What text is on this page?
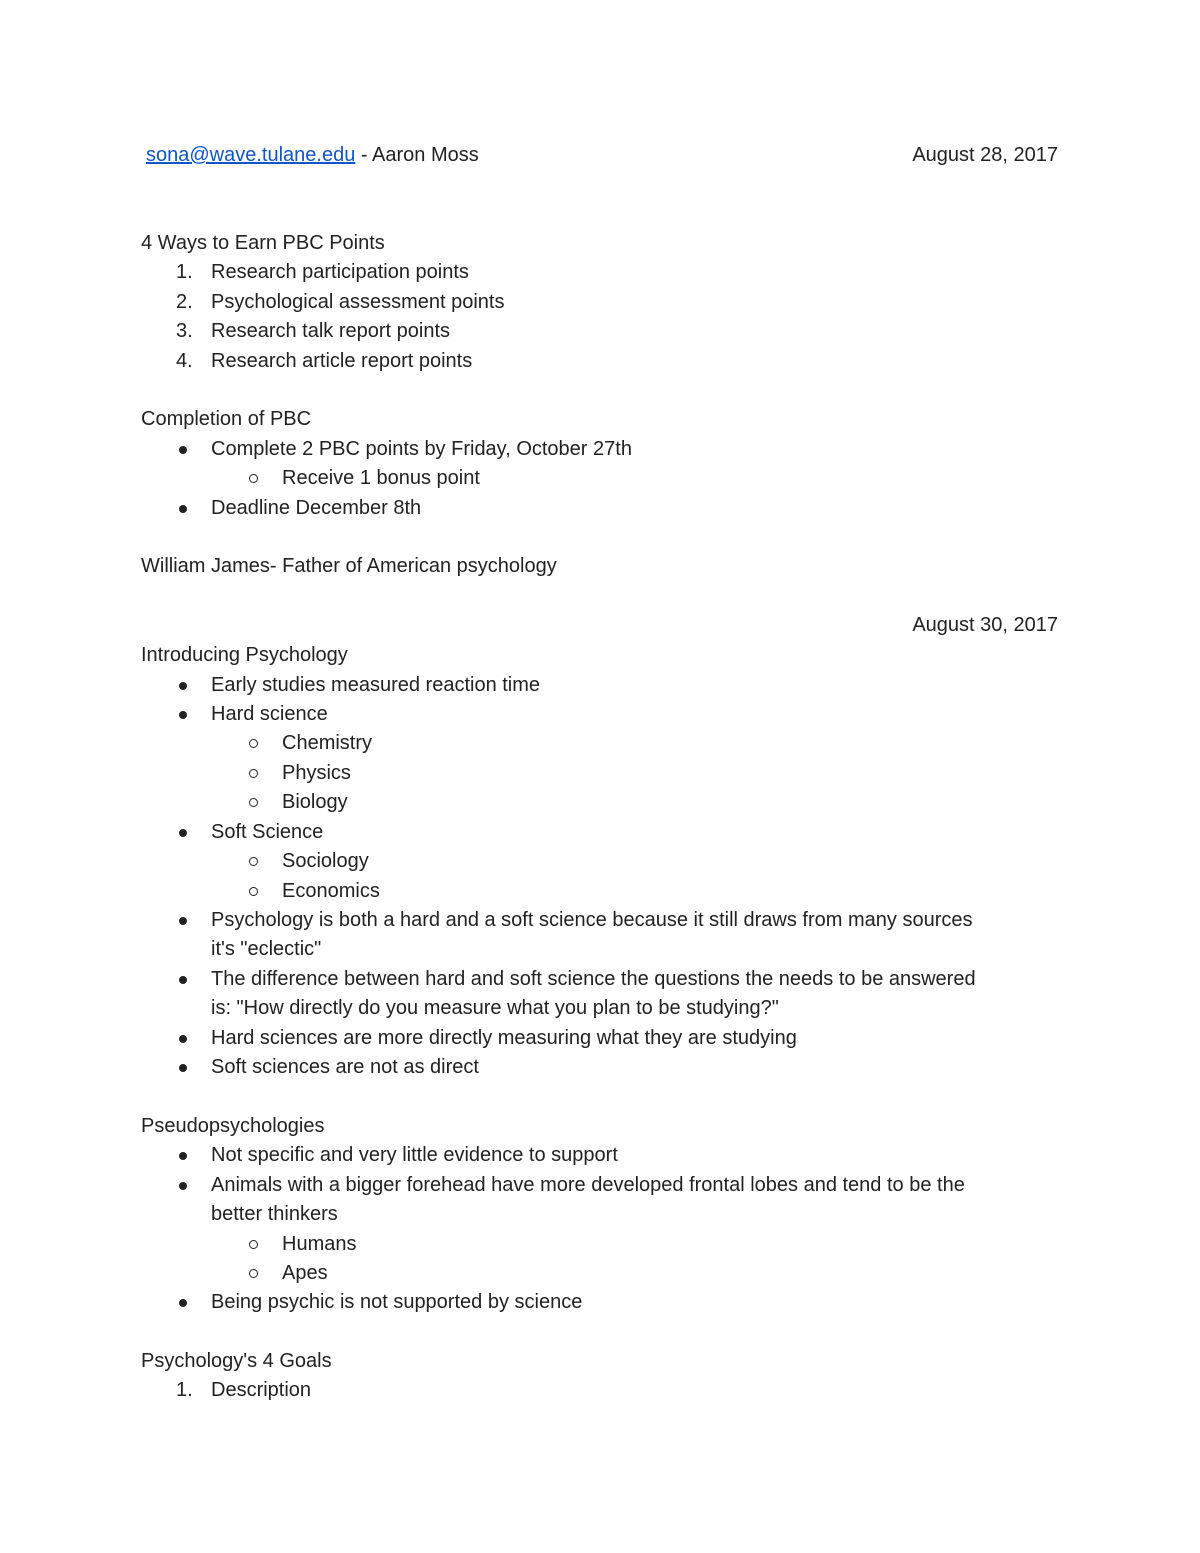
sona@wave.tulane.edu - Aaron Moss	August 28, 2017
4 Ways to Earn PBC Points
1. Research participation points
2. Psychological assessment points
3. Research talk report points
4. Research article report points
Completion of PBC
Complete 2 PBC points by Friday, October 27th
Receive 1 bonus point
Deadline December 8th
William James- Father of American psychology
August 30, 2017
Introducing Psychology
Early studies measured reaction time
Hard science
Chemistry
Physics
Biology
Soft Science
Sociology
Economics
Psychology is both a hard and a soft science because it still draws from many sources
it's "eclectic"
The difference between hard and soft science the questions the needs to be answered
is: "How directly do you measure what you plan to be studying?"
Hard sciences are more directly measuring what they are studying
Soft sciences are not as direct
Pseudopsychologies
Not specific and very little evidence to support
Animals with a bigger forehead have more developed frontal lobes and tend to be the
better thinkers
Humans
Apes
Being psychic is not supported by science
Psychology's 4 Goals
1. Description
